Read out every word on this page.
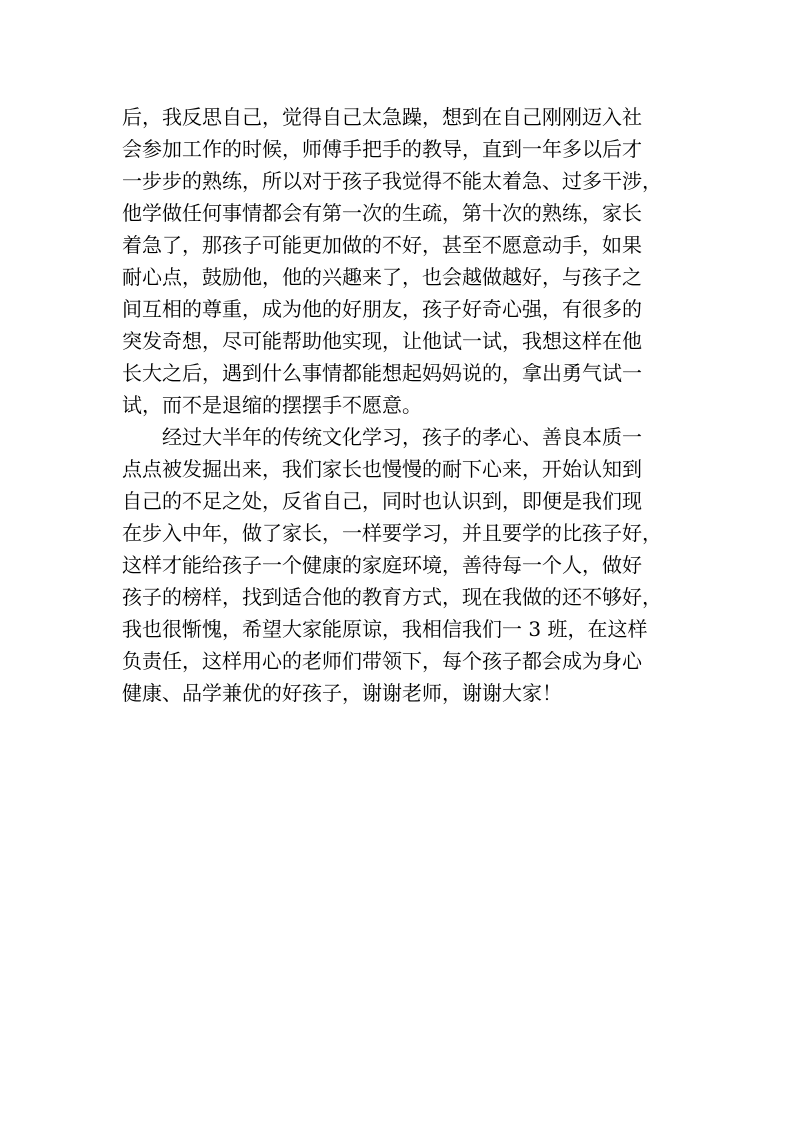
后，我反思自己，觉得自己太急躁，想到在自己刚刚迈入社
会参加工作的时候，师傅手把手的教导，直到一年多以后才
一步步的熟练，所以对于孩子我觉得不能太着急、过多干涉，
他学做任何事情都会有第一次的生疏，第十次的熟练，家长
着急了，那孩子可能更加做的不好，甚至不愿意动手，如果
耐心点，鼓励他，他的兴趣来了，也会越做越好，与孩子之
间互相的尊重，成为他的好朋友，孩子好奇心强，有很多的
突发奇想，尽可能帮助他实现，让他试一试，我想这样在他
长大之后，遇到什么事情都能想起妈妈说的，拿出勇气试一
试，而不是退缩的摆摆手不愿意。
经过大半年的传统文化学习，孩子的孝心、善良本质一
点点被发掘出来，我们家长也慢慢的耐下心来，开始认知到
自己的不足之处，反省自己，同时也认识到，即便是我们现
在步入中年，做了家长，一样要学习，并且要学的比孩子好，
这样才能给孩子一个健康的家庭环境，善待每一个人，做好
孩子的榜样，找到适合他的教育方式，现在我做的还不够好，
我也很惭愧，希望大家能原谅，我相信我们一 3 班，在这样
负责任，这样用心的老师们带领下，每个孩子都会成为身心
健康、品学兼优的好孩子，谢谢老师，谢谢大家！
